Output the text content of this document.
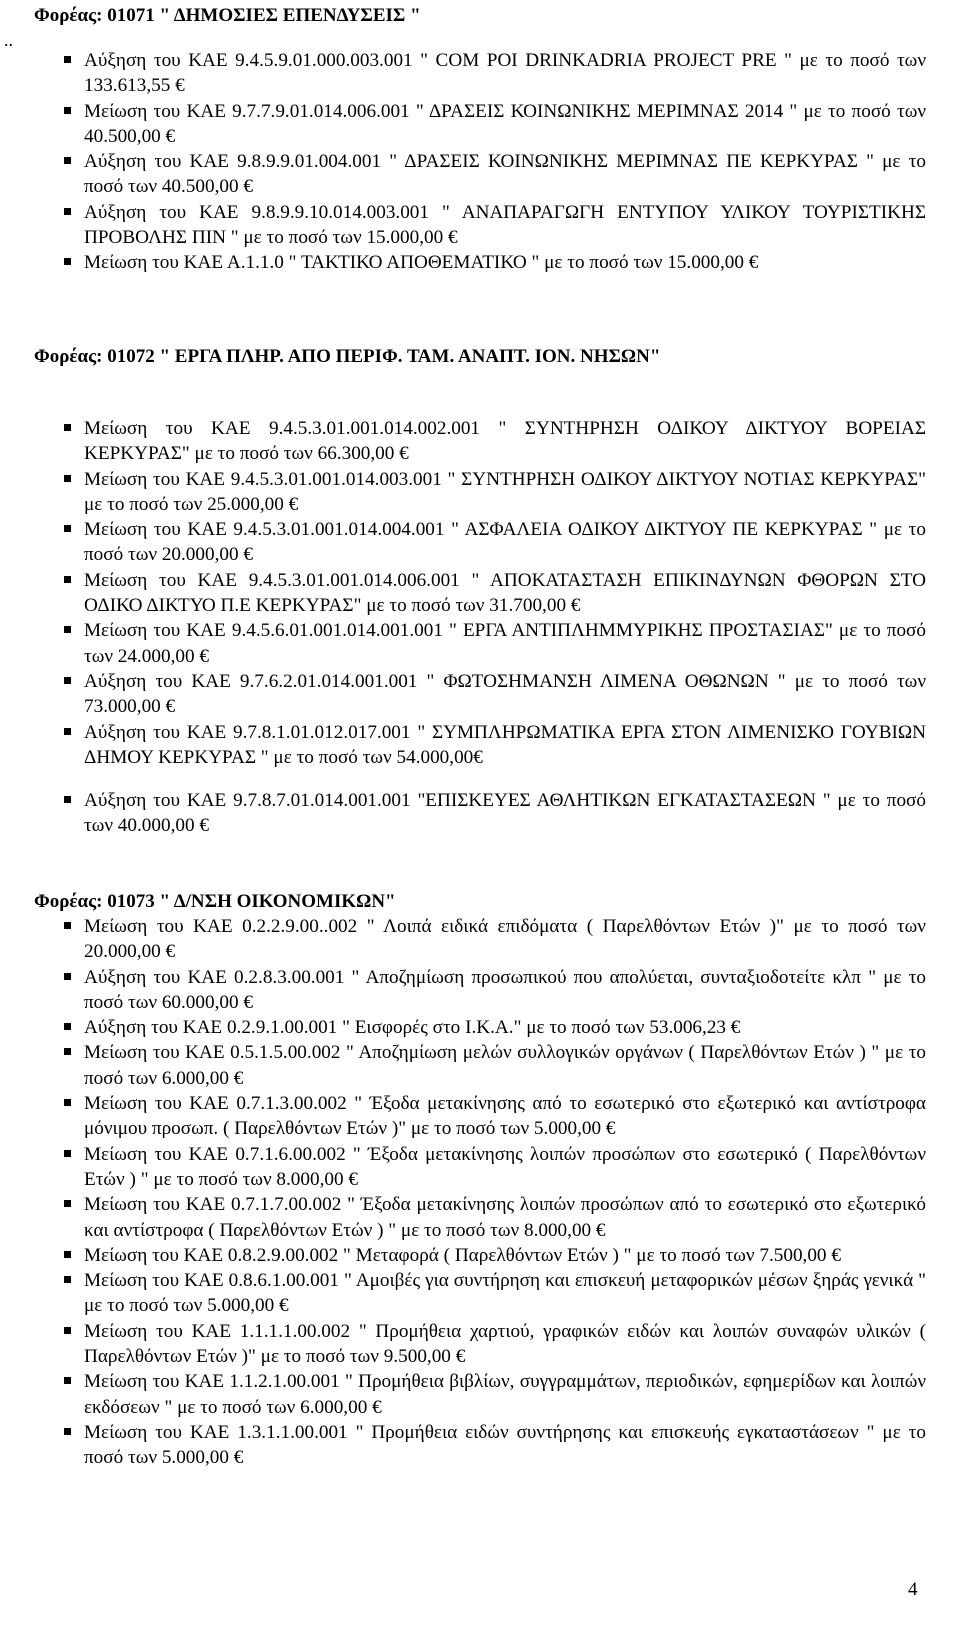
..
Φορέας: 01071 " ΔΗΜΟΣΙΕΣ ΕΠΕΝΔΥΣΕΙΣ "
Αύξηση του ΚΑΕ 9.4.5.9.01.000.003.001 " COM POI DRINKADRIA PROJECT PRE " με το ποσό των 133.613,55 €
Μείωση του ΚΑΕ 9.7.7.9.01.014.006.001 " ΔΡΑΣΕΙΣ ΚΟΙΝΩΝΙΚΗΣ ΜΕΡΙΜΝΑΣ 2014 " με το ποσό των 40.500,00 €
Αύξηση του ΚΑΕ 9.8.9.9.01.004.001 " ΔΡΑΣΕΙΣ ΚΟΙΝΩΝΙΚΗΣ ΜΕΡΙΜΝΑΣ ΠΕ ΚΕΡΚΥΡΑΣ " με το ποσό των 40.500,00 €
Αύξηση του ΚΑΕ 9.8.9.9.10.014.003.001 " ΑΝΑΠΑΡΑΓΩΓΗ ΕΝΤΥΠΟΥ ΥΛΙΚΟΥ ΤΟΥΡΙΣΤΙΚΗΣ ΠΡΟΒΟΛΗΣ ΠΙΝ " με το ποσό των 15.000,00 €
Μείωση του ΚΑΕ Α.1.1.0 " ΤΑΚΤΙΚΟ ΑΠΟΘΕΜΑΤΙΚΟ " με το ποσό των 15.000,00 €
Φορέας: 01072 " ΕΡΓΑ ΠΛΗΡ. ΑΠΟ ΠΕΡΙΦ. ΤΑΜ. ΑΝΑΠΤ. ΙΟΝ. ΝΗΣΩΝ"
Μείωση του ΚΑΕ 9.4.5.3.01.001.014.002.001 " ΣΥΝΤΗΡΗΣΗ ΟΔΙΚΟΥ ΔΙΚΤΥΟΥ ΒΟΡΕΙΑΣ ΚΕΡΚΥΡΑΣ" με το ποσό των 66.300,00 €
Μείωση του ΚΑΕ 9.4.5.3.01.001.014.003.001 " ΣΥΝΤΗΡΗΣΗ ΟΔΙΚΟΥ ΔΙΚΤΥΟΥ ΝΟΤΙΑΣ ΚΕΡΚΥΡΑΣ" με το ποσό των 25.000,00 €
Μείωση του ΚΑΕ 9.4.5.3.01.001.014.004.001 " ΑΣΦΑΛΕΙΑ ΟΔΙΚΟΥ ΔΙΚΤΥΟΥ ΠΕ ΚΕΡΚΥΡΑΣ " με το ποσό των 20.000,00 €
Μείωση του ΚΑΕ 9.4.5.3.01.001.014.006.001 " ΑΠΟΚΑΤΑΣΤΑΣΗ ΕΠΙΚΙΝΔΥΝΩΝ ΦΘΟΡΩΝ ΣΤΟ ΟΔΙΚΟ ΔΙΚΤΥΟ Π.Ε ΚΕΡΚΥΡΑΣ" με το ποσό των 31.700,00 €
Μείωση του ΚΑΕ 9.4.5.6.01.001.014.001.001 " ΕΡΓΑ ΑΝΤΙΠΛΗΜΜΥΡΙΚΗΣ ΠΡΟΣΤΑΣΙΑΣ" με το ποσό των 24.000,00 €
Αύξηση του ΚΑΕ 9.7.6.2.01.014.001.001 " ΦΩΤΟΣΗΜΑΝΣΗ ΛΙΜΕΝΑ ΟΘΩΝΩΝ " με το ποσό των 73.000,00 €
Αύξηση του ΚΑΕ 9.7.8.1.01.012.017.001 " ΣΥΜΠΛΗΡΩΜΑΤΙΚΑ ΕΡΓΑ ΣΤΟΝ ΛΙΜΕΝΙΣΚΟ ΓΟΥΒΙΩΝ ΔΗΜΟΥ ΚΕΡΚΥΡΑΣ " με το ποσό των 54.000,00€
Αύξηση του ΚΑΕ 9.7.8.7.01.014.001.001 "ΕΠΙΣΚΕΥΕΣ ΑΘΛΗΤΙΚΩΝ ΕΓΚΑΤΑΣΤΑΣΕΩΝ " με το ποσό των 40.000,00 €
Φορέας: 01073 " Δ/ΝΣΗ ΟΙΚΟΝΟΜΙΚΩΝ"
Μείωση του ΚΑΕ 0.2.2.9.00..002 " Λοιπά ειδικά επιδόματα ( Παρελθόντων Ετών )" με το ποσό των 20.000,00 €
Αύξηση του ΚΑΕ 0.2.8.3.00.001 " Αποζημίωση προσωπικού που απολύεται, συνταξιοδοτείτε κλπ " με το ποσό των 60.000,00 €
Αύξηση του ΚΑΕ 0.2.9.1.00.001 " Εισφορές στο Ι.Κ.Α." με το ποσό των 53.006,23 €
Μείωση του ΚΑΕ 0.5.1.5.00.002 " Αποζημίωση μελών συλλογικών οργάνων ( Παρελθόντων Ετών ) " με το ποσό των 6.000,00 €
Μείωση του ΚΑΕ 0.7.1.3.00.002 " Έξοδα μετακίνησης από το εσωτερικό στο εξωτερικό και αντίστροφα μόνιμου προσωπ. ( Παρελθόντων Ετών )" με το ποσό των 5.000,00 €
Μείωση του ΚΑΕ 0.7.1.6.00.002 " Έξοδα μετακίνησης λοιπών προσώπων στο εσωτερικό ( Παρελθόντων Ετών ) " με το ποσό των 8.000,00 €
Μείωση του ΚΑΕ 0.7.1.7.00.002 " Έξοδα μετακίνησης λοιπών προσώπων από το εσωτερικό στο εξωτερικό και αντίστροφα ( Παρελθόντων Ετών ) " με το ποσό των 8.000,00 €
Μείωση του ΚΑΕ 0.8.2.9.00.002 " Μεταφορά ( Παρελθόντων Ετών ) " με το ποσό των 7.500,00 €
Μείωση του ΚΑΕ 0.8.6.1.00.001 " Αμοιβές για συντήρηση και επισκευή μεταφορικών μέσων ξηράς γενικά " με το ποσό των 5.000,00 €
Μείωση του ΚΑΕ 1.1.1.1.00.002 " Προμήθεια χαρτιού, γραφικών ειδών και λοιπών συναφών υλικών ( Παρελθόντων Ετών )" με το ποσό των 9.500,00 €
Μείωση του ΚΑΕ 1.1.2.1.00.001 " Προμήθεια βιβλίων, συγγραμμάτων, περιοδικών, εφημερίδων και λοιπών εκδόσεων " με το ποσό των 6.000,00 €
Μείωση του ΚΑΕ 1.3.1.1.00.001 " Προμήθεια ειδών συντήρησης και επισκευής εγκαταστάσεων " με το ποσό των 5.000,00 €
4
